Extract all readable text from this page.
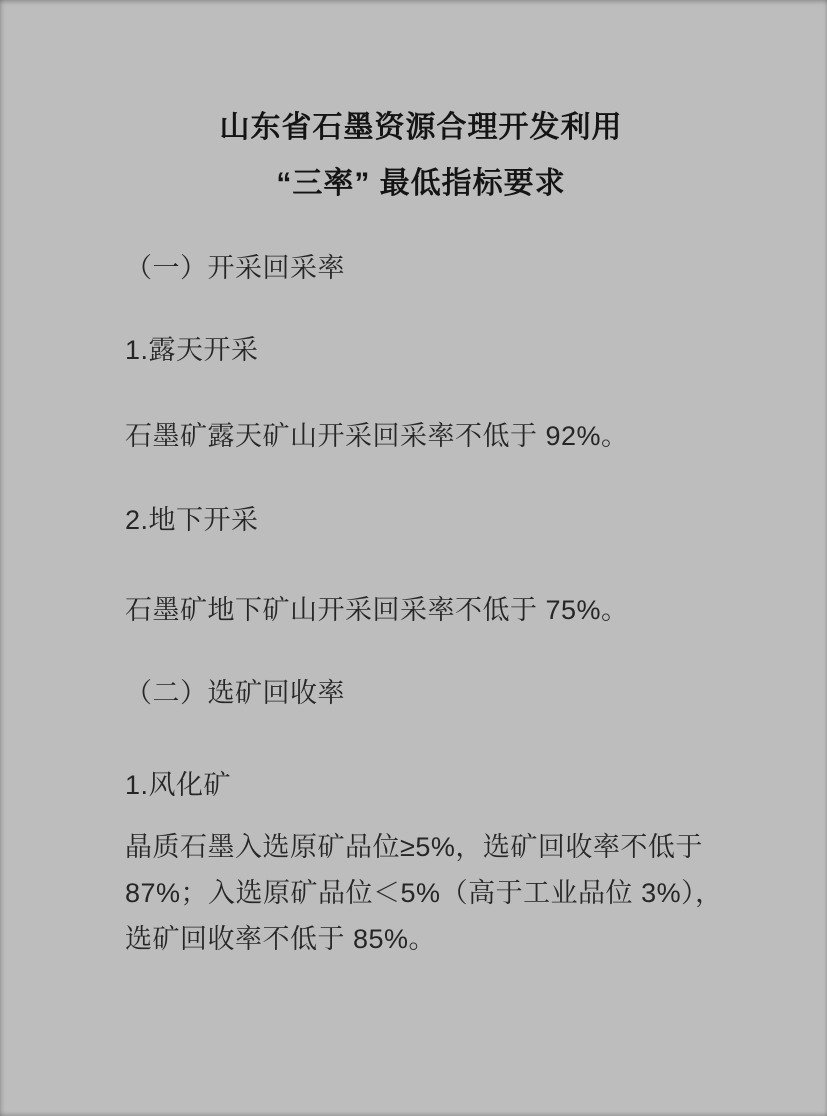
山东省石墨资源合理开发利用
“三率” 最低指标要求
（一）开采回采率
1.露天开采
石墨矿露天矿山开采回采率不低于 92%。
2.地下开采
石墨矿地下矿山开采回采率不低于 75%。
（二）选矿回收率
1.风化矿
晶质石墨入选原矿品位≥5%，选矿回收率不低于
87%；入选原矿品位＜5%（高于工业品位 3%），
选矿回收率不低于 85%。
